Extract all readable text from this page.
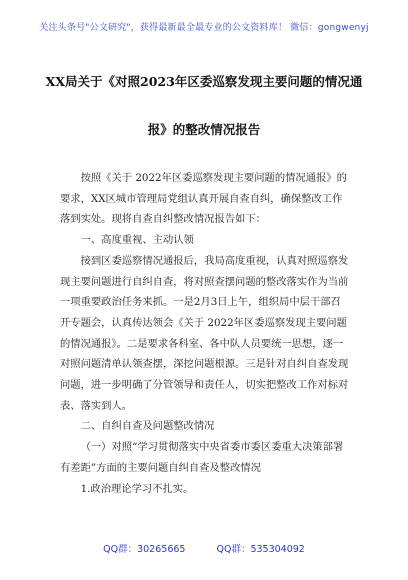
关注头条号"公文研究"，获得最新最全最专业的公文资料库！ 微信：gongwenyj
XX局关于《对照2023年区委巡察发现主要问题的情况通
报》的整改情况报告

按照《关于 2022年区委巡察发现主要问题的情况通报》的要求，XX区城市管理局党组认真开展自查自纠，确保整改工作落到实处。现将自查自纠整改情况报告如下：

一、高度重视、主动认领

接到区委巡察情况通报后，我局高度重视，认真对照巡察发现主要问题进行自纠自查，将对照查摆问题的整改落实作为当前一项重要政治任务来抓。一是2月3日上午，组织局中层干部召开专题会，认真传达领会《关于 2022年区委巡察发现主要问题的情况通报》。二是要求各科室、各中队人员要统一思想，逐一对照问题清单认领查摆，深挖问题根源。三是针对自纠自查发现问题，进一步明确了分管领导和责任人，切实把整改工作对标对表、落实到人。

二、自纠自查及问题整改情况

（一）对照“学习贯彻落实中央省委市委区委重大决策部署有差距”方面的主要问题自纠自查及整改情况

1.政治理论学习不扎实。

QQ群：30265665	QQ群：535304092
